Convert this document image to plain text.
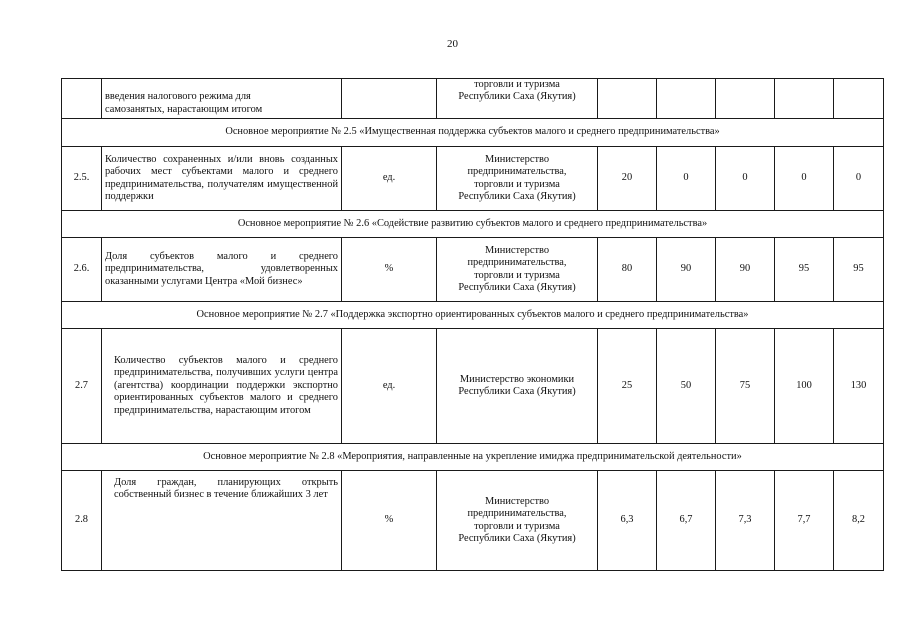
20

введения налогового режима для
самозанятых, нарастающим итогом		торговли и туризма
Республики Саха (Якутия)					
Основное мероприятие № 2.5 «Имущественная поддержка субъектов малого и среднего предпринимательства»								
2.5.	Количество сохраненных и/или вновь созданных рабочих мест субъектами малого и среднего предпринимательства, получателям имущественной поддержки	ед.	Министерство
предпринимательства,
торговли и туризма
Республики Саха (Якутия)	20	0	0	0	0
Основное мероприятие № 2.6 «Содействие развитию субъектов малого и среднего предпринимательства»								
2.6.	Доля субъектов малого и среднего предпринимательства, удовлетворенных оказанными услугами Центра «Мой бизнес»	%	Министерство
предпринимательства,
торговли и туризма
Республики Саха (Якутия)	80	90	90	95	95
Основное мероприятие № 2.7 «Поддержка экспортно ориентированных субъектов малого и среднего предпринимательства»								
2.7	Количество субъектов малого и среднего предпринимательства, получивших услуги центра (агентства) координации поддержки экспортно ориентированных субъектов малого и среднего предпринимательства, нарастающим итогом	ед.	Министерство экономики
Республики Саха (Якутия)	25	50	75	100	130
Основное мероприятие № 2.8 «Мероприятия, направленные на укрепление имиджа предпринимательской деятельности»								
2.8	Доля граждан, планирующих открыть собственный бизнес в течение ближайших 3 лет	%	Министерство
предпринимательства,
торговли и туризма
Республики Саха (Якутия)	6,3	6,7	7,3	7,7	8,2
